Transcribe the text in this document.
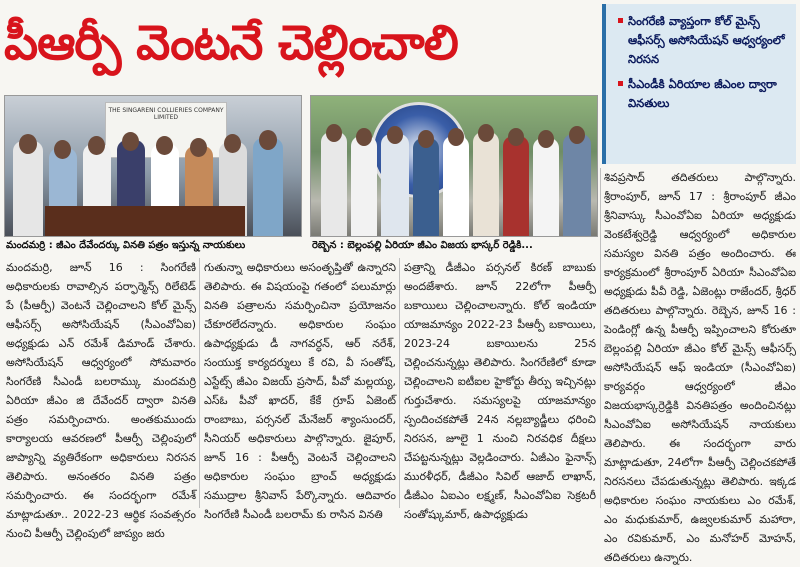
పీఆర్పీ వెంటనే చెల్లించాలి	సింగరేణి వ్యాప్తంగా కోల్ మైన్స్ ఆఫీసర్స్ అసోసియేషన్ ఆధ్వర్యంలో నిరసన
సీఎండీకి ఏరియాల జీఎంల ద్వారా వినతులు
THE SINGARENI COLLIERIES COMPANY LIMITED
మందమర్రి : జీఎం దేవేందర్కు వినతి పత్రం ఇస్తున్న నాయకులు	రెబ్బెన : బెల్లంపల్లి ఏరియా జీఎం విజయ భాస్కర్ రెడ్డికి...
మందమర్రి, జూన్ 16 : సింగరేణి అధికారులకు రావాల్సిన పర్ఫార్మెన్స్ రిలేటెడ్ పే (పీఆర్పీ) వెంటనే చెల్లించాలని కోల్ మైన్స్ ఆఫీసర్స్ అసోసియేషన్ (సీఎంవోఏఐ) అధ్యక్షుడు ఎన్ రమేశ్ డిమాండ్ చేశారు. అసోసియేషన్ ఆధ్వర్యంలో సోమవారం సింగరేణి సీఎండీ బలరామ్కు మందమర్రి ఏరియా జీఎం జి దేవేందర్ ద్వారా వినతి పత్రం సమర్పించారు. అంతకుముందు కార్యాలయ ఆవరణలో పీఆర్పీ చెల్లింపులో జాప్యాన్ని వ్యతిరేకంగా అధికారులు నిరసన తెలిపారు. అనంతరం వినతి పత్రం సమర్పించారు. ఈ సందర్భంగా రమేశ్ మాట్లాడుతూ.. 2022-23 ఆర్థిక సంవత్సరం నుంచి పీఆర్పీ చెల్లింపులో జాప్యం జరు
గుతున్నా అధికారులు అసంతృప్తితో ఉన్నారని తెలిపారు. ఈ విషయంపై గతంలో పలుమార్లు వినతి పత్రాలను సమర్పించినా ప్రయోజనం చేకూరలేదన్నారు. అధికారుల సంఘం ఉపాధ్యక్షుడు డీ నాగవర్ధన్, ఆర్ నరేశ్, సంయుక్త కార్యదర్శులు కే రవి, వీ సంతోష్, ఎస్టేట్స్ జీఎం విజయ్ ప్రసాద్, పీవో మల్లయ్య, ఎస్ఓ పీవో ఖాదర్, కేకే గ్రూప్ ఏజెంట్ రాంబాబు, పర్సనల్ మేనేజర్ శ్యాంసుందర్, సీనియర్ అధికారులు పాల్గొన్నారు. జైపూర్, జూన్ 16 : పీఆర్పీ వెంటనే చెల్లించాలని అధికారుల సంఘం బ్రాంచ్ అధ్యక్షుడు సముద్రాల శ్రీనివాస్ పేర్కొన్నారు. ఆదివారం సింగరేణి సీఎండీ బలరామ్ కు రాసిన వినతి
పత్రాన్ని డీజీఎం పర్సనల్ కిరణ్ బాబుకు అందజేశారు. జూన్ 22లోగా పీఆర్పీ బకాయిలు చెల్లించాలన్నారు. కోల్ ఇండియా యాజమాన్యం 2022-23 పీఆర్పీ బకాయిలు, 2023-24 బకాయిలను 25న చెల్లించనున్నట్లు తెలిపారు. సింగరేణిలో కూడా చెల్లించాలని ఐటీఐల హైకోర్టు తీర్పు ఇచ్చినట్లు గుర్తుచేశారు. సమస్యలపై యాజమాన్యం స్పందించకపోతే 24న నల్లబ్యాడ్జీలు ధరించి నిరసన, జూలై 1 నుంచి నిరవధిక దీక్షలు చేపట్టనున్నట్లు వెల్లడించారు. ఏజీఎం ఫైనాన్స్ మురళీధర్, డీజీఎం సివిల్ ఆజాద్ లాఖాన్, డీజీఎం ఏఐఎం లక్ష్మణ్, సీఎంవోఏఐ సెక్రటరీ సంతోష్కుమార్, ఉపాధ్యక్షుడు
శివప్రసాద్ తదితరులు పాల్గొన్నారు. శ్రీరాంపూర్, జూన్ 17 : శ్రీరాంపూర్ జీఎం శ్రీనివాస్కు సీఎంవోఏఐ ఏరియా అధ్యక్షుడు వెంకటేశ్వర్రెడ్డి ఆధ్వర్యంలో అధికారుల సమస్యల వినతి పత్రం అందించారు. ఈ కార్యక్రమంలో శ్రీరాంపూర్ ఏరియా సీఎంవోఏఐ అధ్యక్షుడు పీవీ రెడ్డి, ఏజెంట్లు రాజేందర్, శ్రీధర్ తదితరులు పాల్గొన్నారు. రెబ్బెన, జూన్ 16 : పెండింగ్లో ఉన్న పీఆర్పీ ఇప్పించాలని కోరుతూ బెల్లంపల్లి ఏరియా జీఎం కోల్ మైన్స్ ఆఫీసర్స్ అసోసియేషన్ ఆఫ్ ఇండియా (సీఎంవోఏఐ) కార్యవర్గం ఆధ్వర్యంలో జీఎం విజయభాస్కర్రెడ్డికి వినతిపత్రం అందించినట్లు సీఎంవోఏఐ అసోసియేషన్ నాయకులు తెలిపారు. ఈ సందర్భంగా వారు మాట్లాడుతూ, 24లోగా పీఆర్పీ చెల్లించకపోతే నిరసనలు చేపడుతున్నట్లు తెలిపారు. ఇక్కడ అధికారుల సంఘం నాయకులు ఎం రమేశ్, ఎం మధుకుమార్, ఉజ్వలకుమార్ మహారా, ఎం రవికుమార్, ఎం మనోహర్ మోహన్, తదితరులు ఉన్నారు.
